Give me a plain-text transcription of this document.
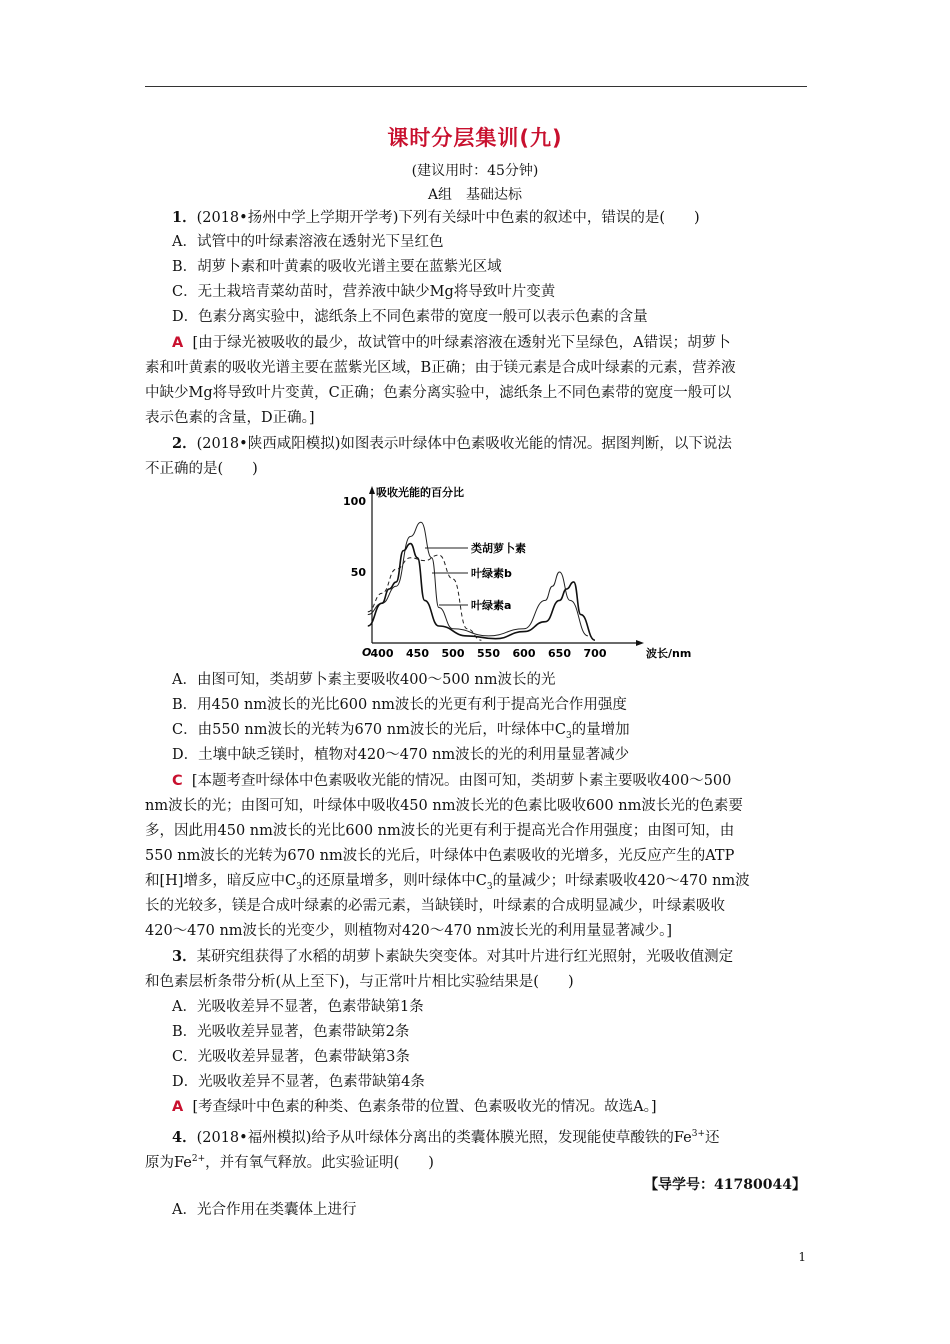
课时分层集训(九)
(建议用时：45分钟)
A组　基础达标
1．(2018•扬州中学上学期开学考)下列有关绿叶中色素的叙述中，错误的是(　　)
A．试管中的叶绿素溶液在透射光下呈红色
B．胡萝卜素和叶黄素的吸收光谱主要在蓝紫光区域
C．无土栽培青菜幼苗时，营养液中缺少Mg将导致叶片变黄
D．色素分离实验中，滤纸条上不同色素带的宽度一般可以表示色素的含量
A [由于绿光被吸收的最少，故试管中的叶绿素溶液在透射光下呈绿色，A错误；胡萝卜
素和叶黄素的吸收光谱主要在蓝紫光区域，B正确；由于镁元素是合成叶绿素的元素，营养液
中缺少Mg将导致叶片变黄，C正确；色素分离实验中，滤纸条上不同色素带的宽度一般可以
表示色素的含量，D正确。]
2．(2018•陕西咸阳模拟)如图表示叶绿体中色素吸收光能的情况。据图判断，以下说法
不正确的是(　　)
吸收光能的百分比
波长/nm
O
100
50
400 450 500 550 600 650 700
类胡萝卜素
叶绿素b
叶绿素a
A．由图可知，类胡萝卜素主要吸收400～500 nm波长的光
B．用450 nm波长的光比600 nm波长的光更有利于提高光合作用强度
C．由550 nm波长的光转为670 nm波长的光后，叶绿体中$C_3$的量增加
D．土壤中缺乏镁时，植物对420～470 nm波长的光的利用量显著减少
C [本题考查叶绿体中色素吸收光能的情况。由图可知，类胡萝卜素主要吸收400～500
nm波长的光；由图可知，叶绿体中吸收450 nm波长光的色素比吸收600 nm波长光的色素要
多，因此用450 nm波长的光比600 nm波长的光更有利于提高光合作用强度；由图可知，由
550 nm波长的光转为670 nm波长的光后，叶绿体中色素吸收的光增多，光反应产生的ATP
和[H]增多，暗反应中$C_3$的还原量增多，则叶绿体中$C_3$的量减少；叶绿素吸收420～470 nm波
长的光较多，镁是合成叶绿素的必需元素，当缺镁时，叶绿素的合成明显减少，叶绿素吸收
420～470 nm波长的光变少，则植物对420～470 nm波长光的利用量显著减少。]
3．某研究组获得了水稻的胡萝卜素缺失突变体。对其叶片进行红光照射，光吸收值测定
和色素层析条带分析(从上至下)，与正常叶片相比实验结果是(　　)
A．光吸收差异不显著，色素带缺第1条
B．光吸收差异显著，色素带缺第2条
C．光吸收差异显著，色素带缺第3条
D．光吸收差异不显著，色素带缺第4条
A [考查绿叶中色素的种类、色素条带的位置、色素吸收光的情况。故选A。]
4．(2018•福州模拟)给予从叶绿体分离出的类囊体膜光照，发现能使草酸铁的$Fe^{3+}$还
原为$Fe^{2+}$，并有氧气释放。此实验证明(　　)
【导学号：41780044】
A．光合作用在类囊体上进行
1
